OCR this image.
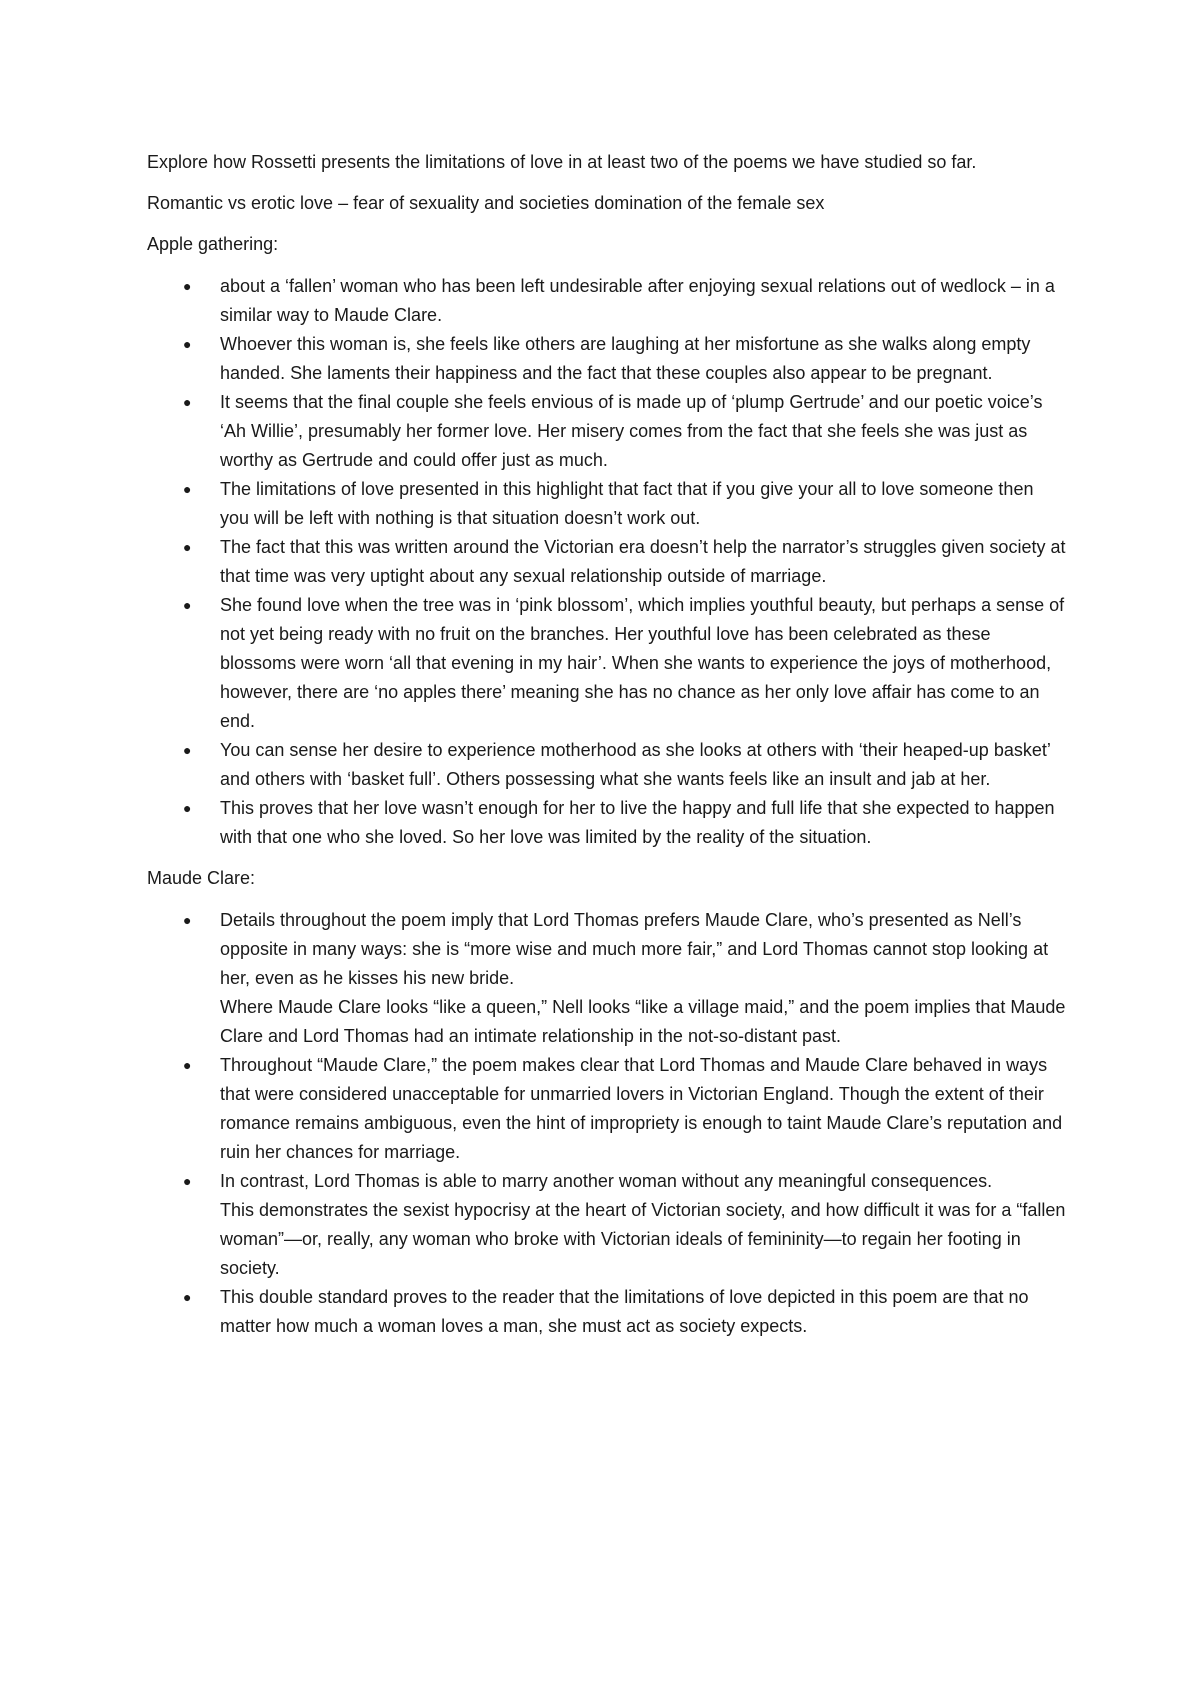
Explore how Rossetti presents the limitations of love in at least two of the poems we have studied so far.

Romantic vs erotic love – fear of sexuality and societies domination of the female sex

Apple gathering:

● about a ‘fallen’ woman who has been left undesirable after enjoying sexual relations out of wedlock – in a similar way to Maude Clare.
● Whoever this woman is, she feels like others are laughing at her misfortune as she walks along empty handed. She laments their happiness and the fact that these couples also appear to be pregnant.
● It seems that the final couple she feels envious of is made up of ‘plump Gertrude’ and our poetic voice’s ‘Ah Willie’, presumably her former love. Her misery comes from the fact that she feels she was just as worthy as Gertrude and could offer just as much.
● The limitations of love presented in this highlight that fact that if you give your all to love someone then you will be left with nothing is that situation doesn’t work out.
● The fact that this was written around the Victorian era doesn’t help the narrator’s struggles given society at that time was very uptight about any sexual relationship outside of marriage.
● She found love when the tree was in ‘pink blossom’, which implies youthful beauty, but perhaps a sense of not yet being ready with no fruit on the branches. Her youthful love has been celebrated as these blossoms were worn ‘all that evening in my hair’. When she wants to experience the joys of motherhood, however, there are ‘no apples there’ meaning she has no chance as her only love affair has come to an end.
● You can sense her desire to experience motherhood as she looks at others with ‘their heaped-up basket’ and others with ‘basket full’. Others possessing what she wants feels like an insult and jab at her.
● This proves that her love wasn’t enough for her to live the happy and full life that she expected to happen with that one who she loved. So her love was limited by the reality of the situation.

Maude Clare:

● Details throughout the poem imply that Lord Thomas prefers Maude Clare, who’s presented as Nell’s opposite in many ways: she is “more wise and much more fair,” and Lord Thomas cannot stop looking at her, even as he kisses his new bride.
Where Maude Clare looks “like a queen,” Nell looks “like a village maid,” and the poem implies that Maude Clare and Lord Thomas had an intimate relationship in the not-so-distant past.
● Throughout “Maude Clare,” the poem makes clear that Lord Thomas and Maude Clare behaved in ways that were considered unacceptable for unmarried lovers in Victorian England. Though the extent of their romance remains ambiguous, even the hint of impropriety is enough to taint Maude Clare’s reputation and ruin her chances for marriage.
● In contrast, Lord Thomas is able to marry another woman without any meaningful consequences.
This demonstrates the sexist hypocrisy at the heart of Victorian society, and how difficult it was for a “fallen woman”—or, really, any woman who broke with Victorian ideals of femininity—to regain her footing in society.
● This double standard proves to the reader that the limitations of love depicted in this poem are that no matter how much a woman loves a man, she must act as society expects.
